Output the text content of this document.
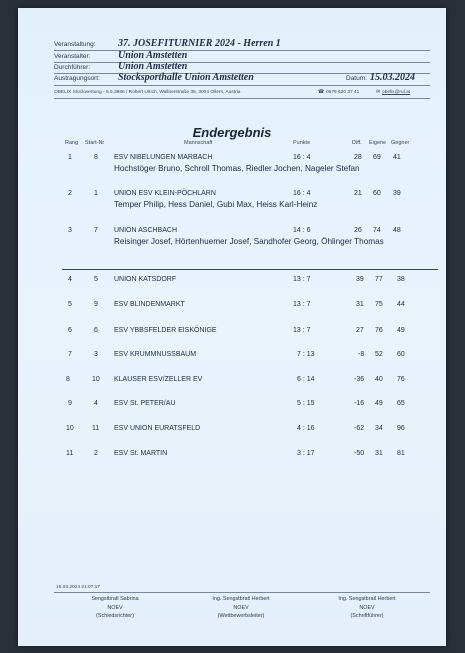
Veranstaltung: 37. JOSEFITURNIER 2024 - Herren 1
Veranstalter:	Union Amstetten
Durchführer:	Union Amstetten
Austragungsort: Stocksporthalle Union Amstetten	Datum: 15.03.2024
OBELIX Stockwertung - 5.5.3986 / Robert Ulrich, Wallnerstraße 35, 3004 Ollern, Austria	☎ 0676 620 37 41	✉ obelix@rul.at
Endergebnis
Rang Start-Nr	Mannschaft	Punkte	Diff. Eigene Gegner
1	8 ESV NIBELUNGEN MARBACH	16 : 4	28 69 41
Hochstöger Bruno, Schroll Thomas, Riedler Jochen, Nageler Stefan
2	1 UNION ESV KLEIN-PÖCHLARN	16 : 4	21 60 39
Temper Philip, Hess Daniel, Gubi Max, Heiss Karl-Heinz
3	7 UNION ASCHBACH	14 : 6	26 74 48
Reisinger Josef, Hörtenhuemer Josef, Sandhofer Georg, Öhlinger Thomas
4	5 UNION KATSDORF	13 : 7	39 77 38
5	9 ESV BLINDENMARKT	13 : 7	31 75 44
6	6 ESV YBBSFELDER EISKÖNIGE	13 : 7	27 76 49
7	3 ESV KRUMMNUSSBAUM	7 : 13	-8 52 60
8	10 KLAUSER ESV/ZELLER EV	6 : 14	-36 40 76
9	4 ESV St. PETER/AU	5 : 15	-16 49 65
10	11 ESV UNION EURATSFELD	4 : 16	-62 34 96
11	2 ESV St. MARTIN	3 : 17	-50 31 81
15.03.2024 21:07:17
Sengstbratl Sabrina
NOEV
(Schiedsrichter)
Ing. Sengstbratl Herbert
NOEV
(Wettbewerbsleiter)
Ing. Sengstbratl Herbert
NOEV
(Schriftführer)
